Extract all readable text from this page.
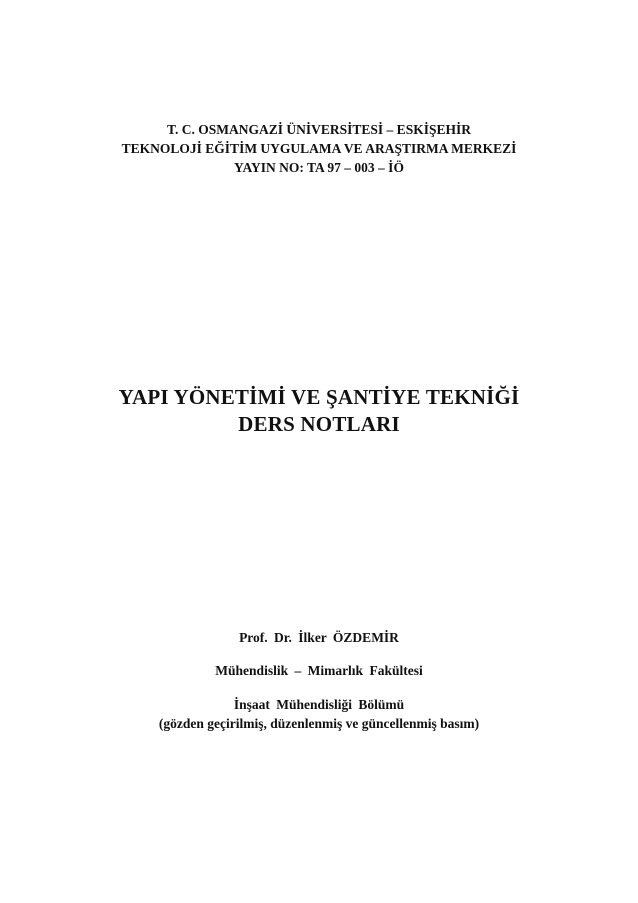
T. C. OSMANGAZİ ÜNİVERSİTESİ – ESKİŞEHİR
TEKNOLOJİ EĞİTİM UYGULAMA VE ARAŞTIRMA MERKEZİ
YAYIN NO: TA 97 – 003 – İÖ
YAPI YÖNETİMİ VE ŞANTİYE TEKNİĞİ
DERS NOTLARI
Prof. Dr. İlker ÖZDEMİR
Mühendislik – Mimarlık Fakültesi
İnşaat Mühendisliği Bölümü
(gözden geçirilmiş, düzenlenmiş ve güncellenmiş basım)
